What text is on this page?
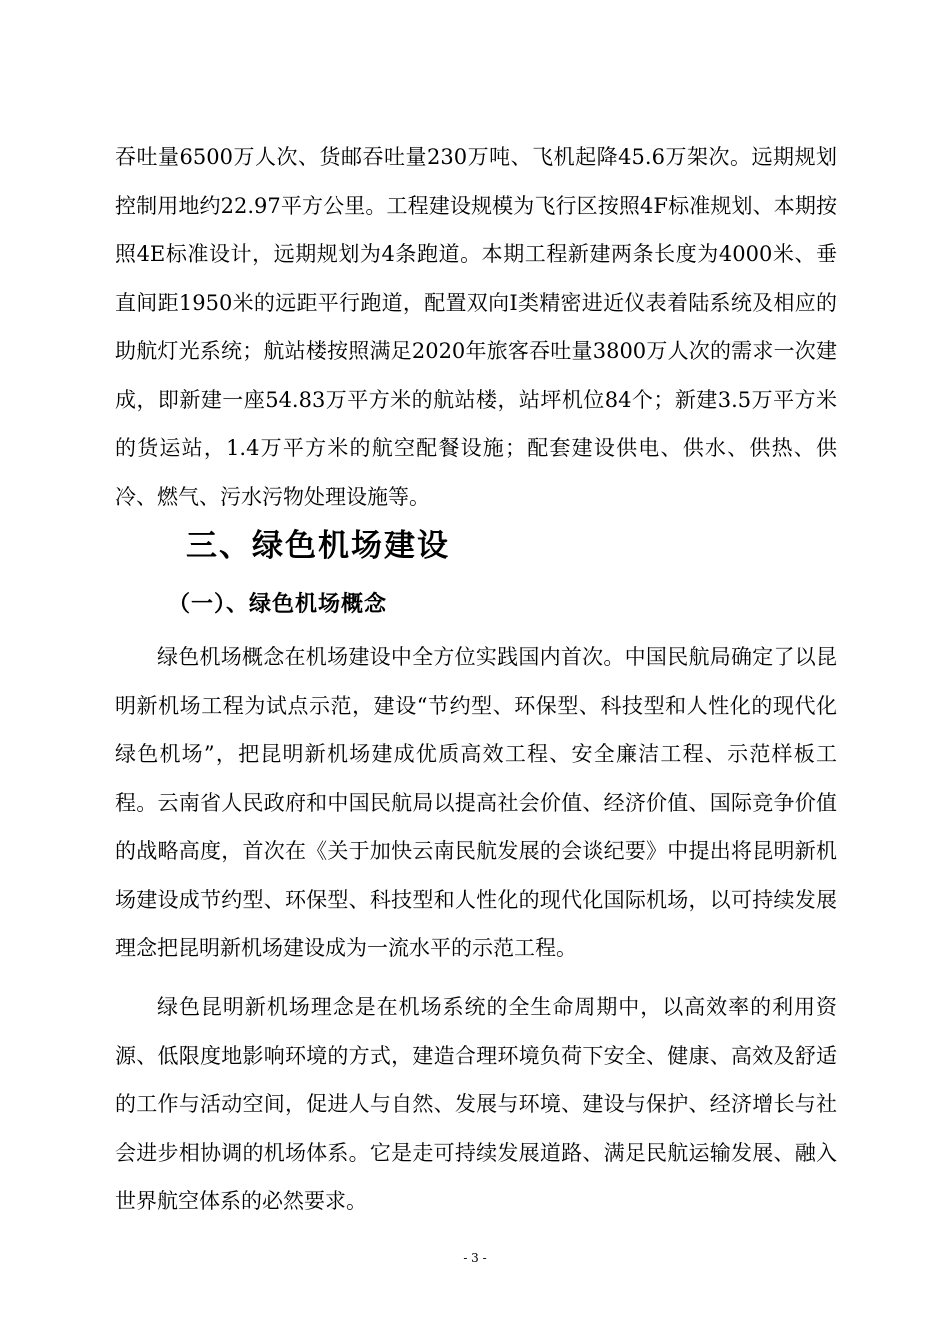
吞吐量6500万人次、货邮吞吐量230万吨、飞机起降45.6万架次。远期规划控制用地约22.97平方公里。工程建设规模为飞行区按照4F标准规划、本期按照4E标准设计，远期规划为4条跑道。本期工程新建两条长度为4000米、垂直间距1950米的远距平行跑道，配置双向I类精密进近仪表着陆系统及相应的助航灯光系统；航站楼按照满足2020年旅客吞吐量3800万人次的需求一次建成，即新建一座54.83万平方米的航站楼，站坪机位84个；新建3.5万平方米的货运站，1.4万平方米的航空配餐设施；配套建设供电、供水、供热、供冷、燃气、污水污物处理设施等。

三、绿色机场建设
（一）、绿色机场概念

绿色机场概念在机场建设中全方位实践国内首次。中国民航局确定了以昆明新机场工程为试点示范，建设“节约型、环保型、科技型和人性化的现代化绿色机场”，把昆明新机场建成优质高效工程、安全廉洁工程、示范样板工程。云南省人民政府和中国民航局以提高社会价值、经济价值、国际竞争价值的战略高度，首次在《关于加快云南民航发展的会谈纪要》中提出将昆明新机场建设成节约型、环保型、科技型和人性化的现代化国际机场，以可持续发展理念把昆明新机场建设成为一流水平的示范工程。

绿色昆明新机场理念是在机场系统的全生命周期中，以高效率的利用资源、低限度地影响环境的方式，建造合理环境负荷下安全、健康、高效及舒适的工作与活动空间，促进人与自然、发展与环境、建设与保护、经济增长与社会进步相协调的机场体系。它是走可持续发展道路、满足民航运输发展、融入世界航空体系的必然要求。

- 3 -
